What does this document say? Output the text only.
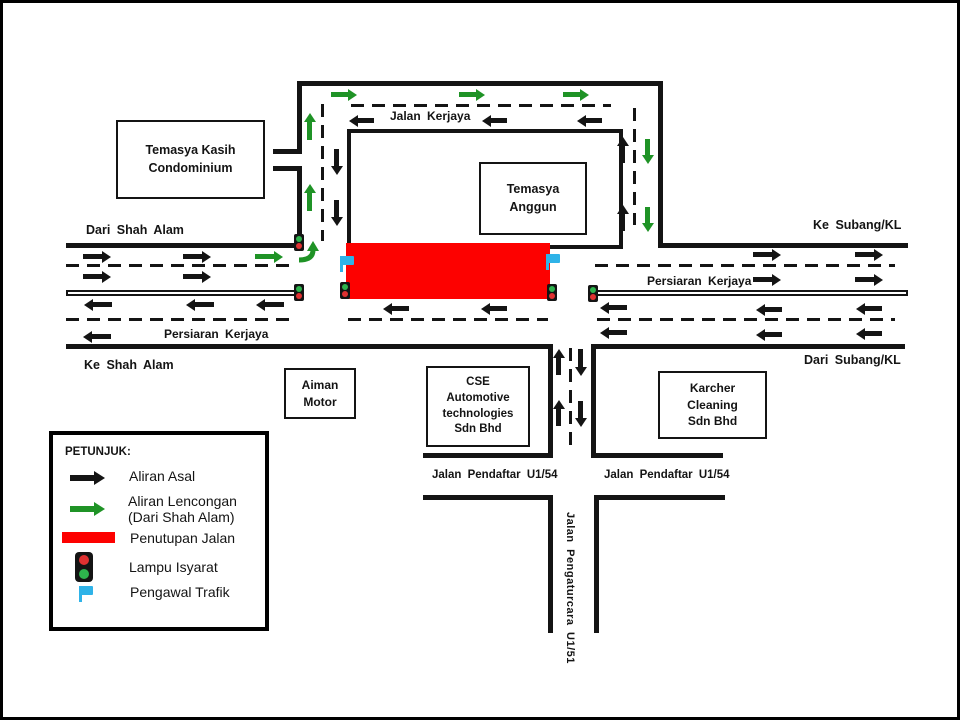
Temasya Kasih
Condominium
Temasya
Anggun
Aiman
Motor
CSE
Automotive
technologies
Sdn Bhd
Karcher
Cleaning
Sdn Bhd
Jalan Kerjaya
Dari Shah Alam	Ke Subang/KL
Persiaran Kerjaya
Persiaran Kerjaya
Ke Shah Alam	Dari Subang/KL
Jalan Pendaftar U1/54	Jalan Pendaftar U1/54
Jalan Pengaturcara U1/51
PETUNJUK:
Aliran Asal
Aliran Lencongan
(Dari Shah Alam)
Penutupan Jalan
Lampu Isyarat
Pengawal Trafik
